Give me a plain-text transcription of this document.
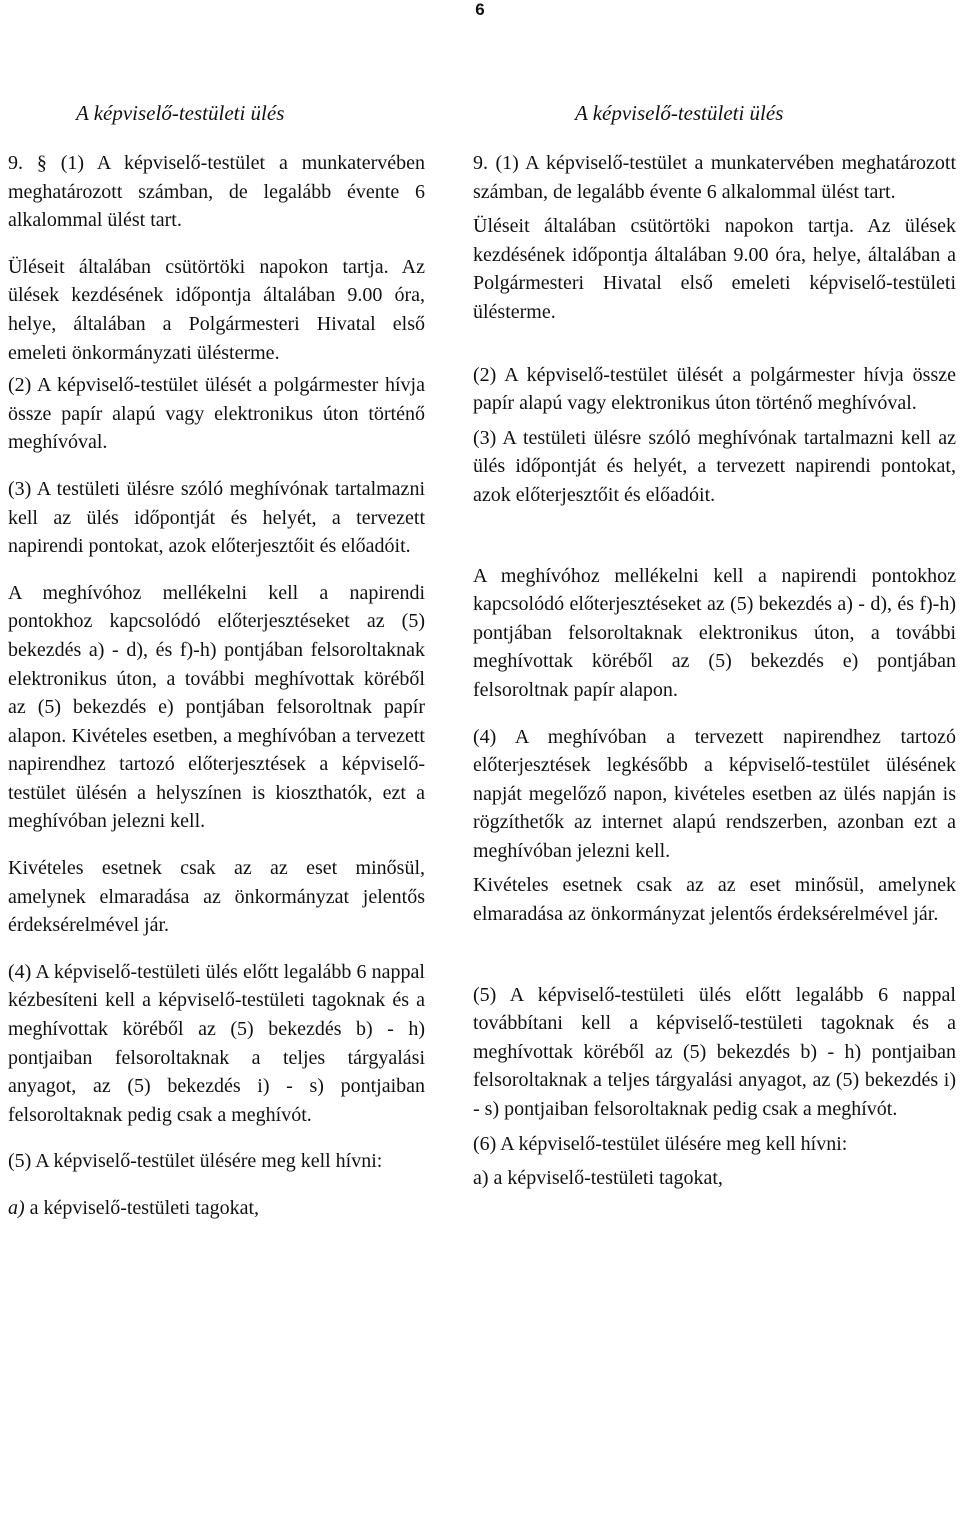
6
A képviselő-testületi ülés

9. § (1) A képviselő-testület a munkatervében meghatározott számban, de legalább évente 6 alkalommal ülést tart.

Üléseit általában csütörtöki napokon tartja. Az ülések kezdésének időpontja általában 9.00 óra, helye, általában a Polgármesteri Hivatal első emeleti önkormányzati ülésterme.

(2) A képviselő-testület ülését a polgármester hívja össze papír alapú vagy elektronikus úton történő meghívóval.

(3) A testületi ülésre szóló meghívónak tartalmazni kell az ülés időpontját és helyét, a tervezett napirendi pontokat, azok előterjesztőit és előadóit.

A meghívóhoz mellékelni kell a napirendi pontokhoz kapcsolódó előterjesztéseket az (5) bekezdés a) - d), és f)-h) pontjában felsoroltaknak elektronikus úton, a további meghívottak köréből az (5) bekezdés e) pontjában felsoroltnak papír alapon. Kivételes esetben, a meghívóban a tervezett napirendhez tartozó előterjesztések a képviselő-testület ülésén a helyszínen is kioszthatók, ezt a meghívóban jelezni kell.

Kivételes esetnek csak az az eset minősül, amelynek elmaradása az önkormányzat jelentős érdeksérelmével jár.

(4) A képviselő-testületi ülés előtt legalább 6 nappal kézbesíteni kell a képviselő-testületi tagoknak és a meghívottak köréből az (5) bekezdés b) - h) pontjaiban felsoroltaknak a teljes tárgyalási anyagot, az (5) bekezdés i) - s) pontjaiban felsoroltaknak pedig csak a meghívót.

(5) A képviselő-testület ülésére meg kell hívni:

a) a képviselő-testületi tagokat,

A képviselő-testületi ülés

9. (1) A képviselő-testület a munkatervében meghatározott számban, de legalább évente 6 alkalommal ülést tart.

Üléseit általában csütörtöki napokon tartja. Az ülések kezdésének időpontja általában 9.00 óra, helye, általában a Polgármesteri Hivatal első emeleti képviselő-testületi ülésterme.

(2) A képviselő-testület ülését a polgármester hívja össze papír alapú vagy elektronikus úton történő meghívóval.

(3) A testületi ülésre szóló meghívónak tartalmazni kell az ülés időpontját és helyét, a tervezett napirendi pontokat, azok előterjesztőit és előadóit.

A meghívóhoz mellékelni kell a napirendi pontokhoz kapcsolódó előterjesztéseket az (5) bekezdés a) - d), és f)-h) pontjában felsoroltaknak elektronikus úton, a további meghívottak köréből az (5) bekezdés e) pontjában felsoroltnak papír alapon.

(4) A meghívóban a tervezett napirendhez tartozó előterjesztések legkésőbb a képviselő-testület ülésének napját megelőző napon, kivételes esetben az ülés napján is rögzíthetők az internet alapú rendszerben, azonban ezt a meghívóban jelezni kell.

Kivételes esetnek csak az az eset minősül, amelynek elmaradása az önkormányzat jelentős érdeksérelmével jár.

(5) A képviselő-testületi ülés előtt legalább 6 nappal továbbítani kell a képviselő-testületi tagoknak és a meghívottak köréből az (5) bekezdés b) - h) pontjaiban felsoroltaknak a teljes tárgyalási anyagot, az (5) bekezdés i) - s) pontjaiban felsoroltaknak pedig csak a meghívót.

(6) A képviselő-testület ülésére meg kell hívni:

a) a képviselő-testületi tagokat,
